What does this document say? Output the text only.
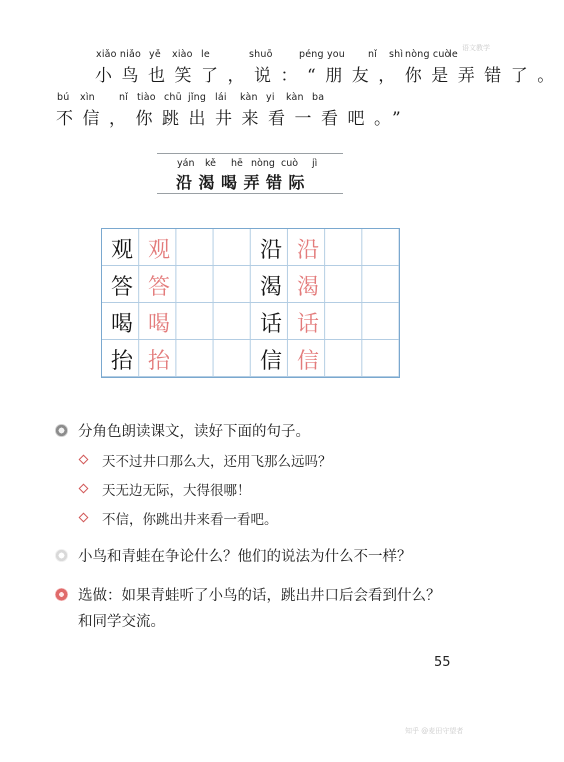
语文教学
xiǎo niǎo yě xiào le	shuō	péng you nǐ shì nòng cuò
le
小鸟也笑了，说：“朋友，你是弄错了。
bú xìn	nǐ tiào chū jǐng lái kàn yi kàn ba
不信，你跳出井来看一看吧。”
yán kě hē nòng cuò jì
沿渴喝弄错际
观 观	沿 沿
答 答	渴 渴
喝 喝	话 话
抬 抬	信 信
分角色朗读课文，读好下面的句子。
天不过井口那么大，还用飞那么远吗？
天无边无际，大得很哪！
不信，你跳出井来看一看吧。
小鸟和青蛙在争论什么？他们的说法为什么不一样？
选做：如果青蛙听了小鸟的话，跳出井口后会看到什么？
和同学交流。
55
知乎 @麦田守望者
